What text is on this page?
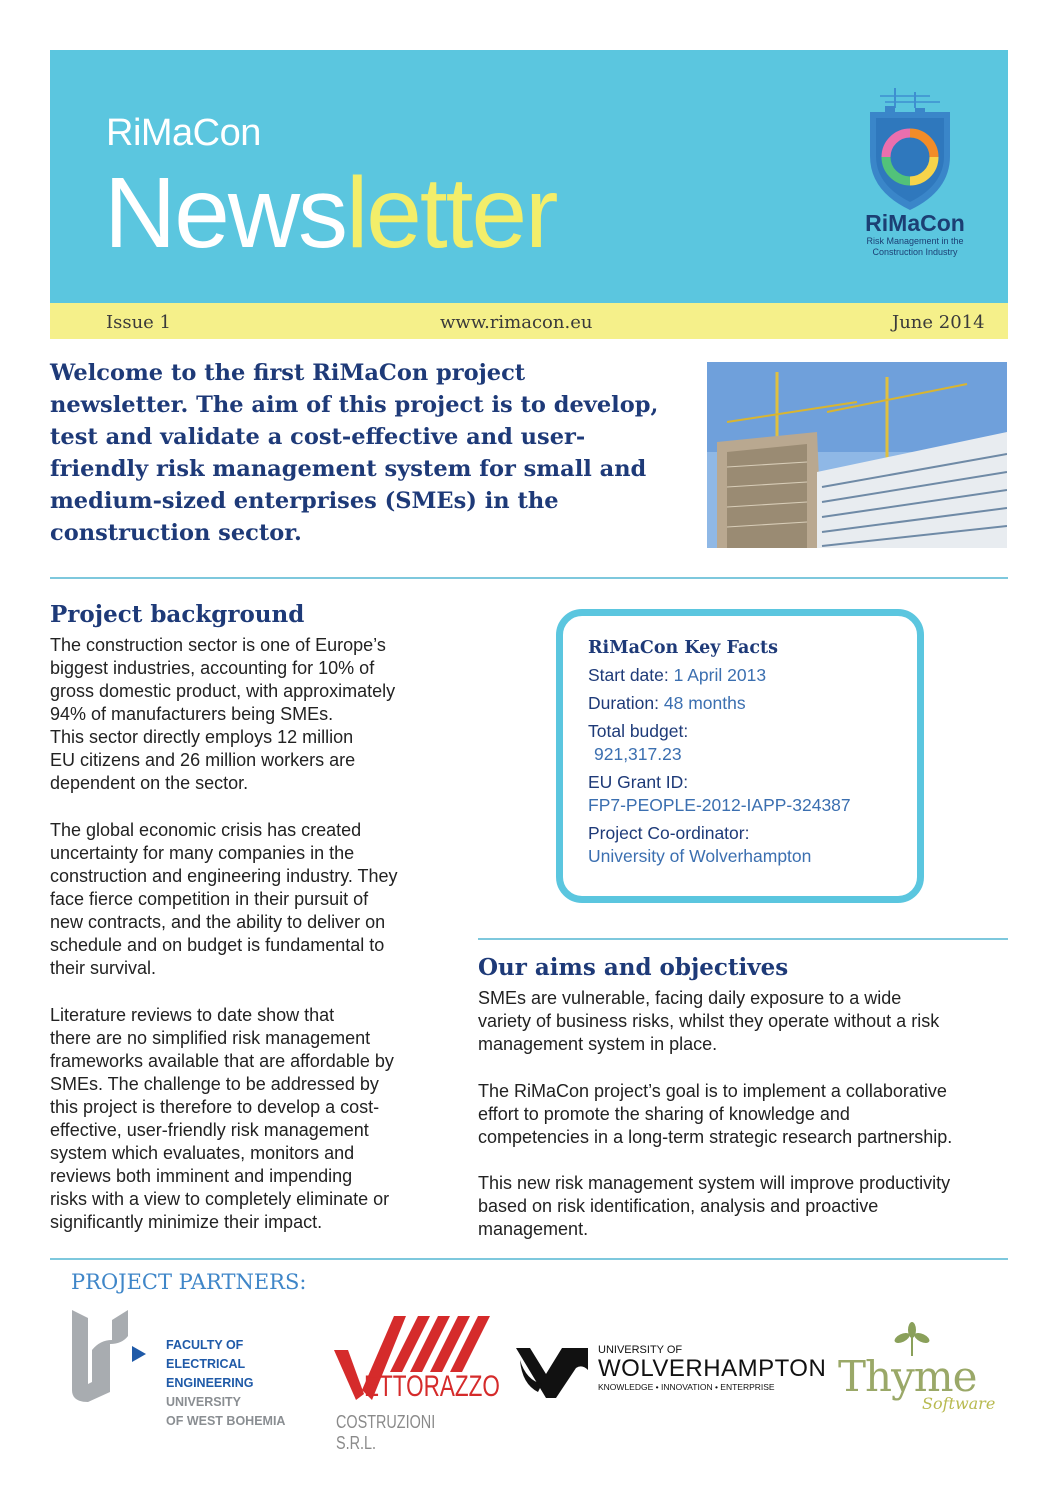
RiMaCon
Newsletter	RiMaCon
Risk Management in the Construction Industry
Issue 1	www.rimacon.eu	June 2014
Welcome to the first RiMaCon project newsletter. The aim of this project is to develop, test and validate a cost-effective and user-friendly risk management system for small and medium-sized enterprises (SMEs) in the construction sector.
Project background
The construction sector is one of Europe’s
biggest industries, accounting for 10% of
gross domestic product, with approximately
94% of manufacturers being SMEs.
This sector directly employs 12 million
EU citizens and 26 million workers are
dependent on the sector.
The global economic crisis has created
uncertainty for many companies in the
construction and engineering industry. They
face fierce competition in their pursuit of
new contracts, and the ability to deliver on
schedule and on budget is fundamental to
their survival.
Literature reviews to date show that
there are no simplified risk management
frameworks available that are affordable by
SMEs. The challenge to be addressed by
this project is therefore to develop a cost-
effective, user-friendly risk management
system which evaluates, monitors and
reviews both imminent and impending
risks with a view to completely eliminate or
significantly minimize their impact.
RiMaCon Key Facts
Start date: 1 April 2013
Duration: 48 months
Total budget:
921,317.23
EU Grant ID:
FP7-PEOPLE-2012-IAPP-324387
Project Co-ordinator:
University of Wolverhampton
Our aims and objectives
SMEs are vulnerable, facing daily exposure to a wide
variety of business risks, whilst they operate without a risk
management system in place.
The RiMaCon project’s goal is to implement a collaborative
effort to promote the sharing of knowledge and
competencies in a long-term strategic research partnership.
This new risk management system will improve productivity
based on risk identification, analysis and proactive
management.
PROJECT PARTNERS:
FACULTY OF ELECTRICAL
ENGINEERING
UNIVERSITY
OF WEST BOHEMIA
ETTORAZZO
COSTRUZIONI S.R.L.
UNIVERSITY OF
WOLVERHAMPTON
KNOWLEDGE • INNOVATION • ENTERPRISE Thyme
Software
